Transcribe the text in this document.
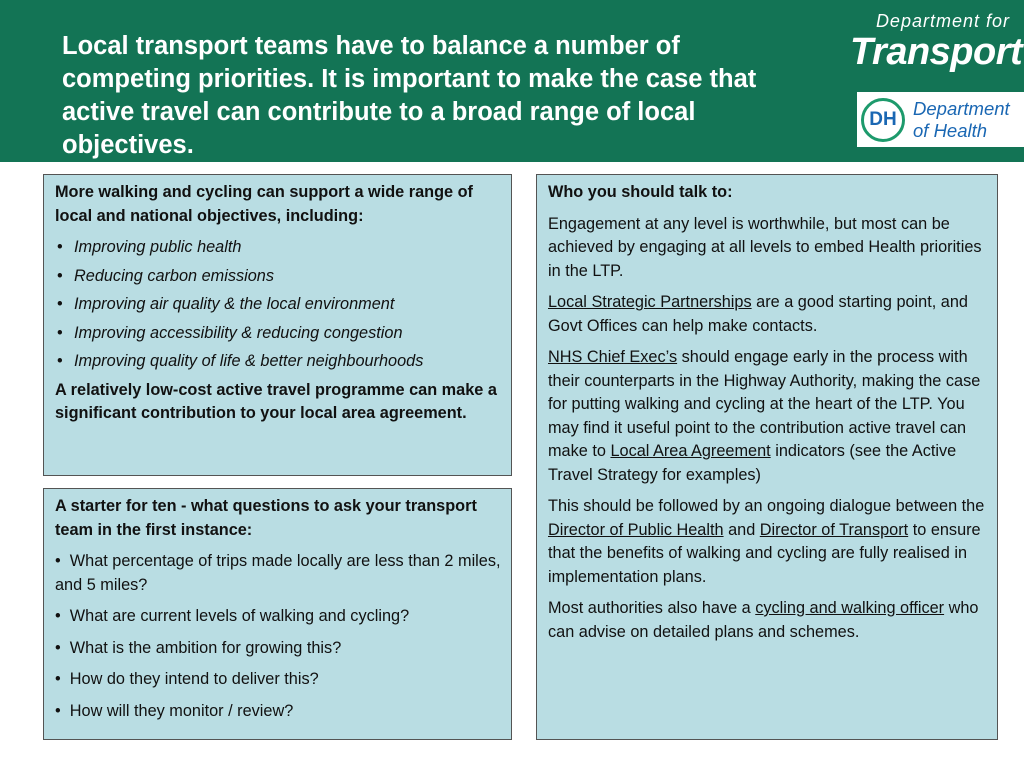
Local transport teams have to balance a number of competing priorities. It is important to make the case that active travel can contribute to a broad range of local objectives.
Department for
Transport
DH
Department
of Health

More walking and cycling can support a wide range of local and national objectives, including:

• Improving public health
• Reducing carbon emissions
• Improving air quality & the local environment
• Improving accessibility & reducing congestion
• Improving quality of life & better neighbourhoods

A relatively low-cost active travel programme can make a significant contribution to your local area agreement.

A starter for ten - what questions to ask your transport team in the first instance:

• What percentage of trips made locally are less than 2 miles, and 5 miles?

• What are current levels of walking and cycling?

• What is the ambition for growing this?

• How do they intend to deliver this?

• How will they monitor / review?

Who you should talk to:

Engagement at any level is worthwhile, but most can be achieved by engaging at all levels to embed Health priorities in the LTP.

Local Strategic Partnerships are a good starting point, and Govt Offices can help make contacts.

NHS Chief Exec’s should engage early in the process with their counterparts in the Highway Authority, making the case for putting walking and cycling at the heart of the LTP. You may find it useful point to the contribution active travel can make to Local Area Agreement indicators (see the Active Travel Strategy for examples)

This should be followed by an ongoing dialogue between the Director of Public Health and Director of Transport to ensure that the benefits of walking and cycling are fully realised in implementation plans.

Most authorities also have a cycling and walking officer who can advise on detailed plans and schemes.
